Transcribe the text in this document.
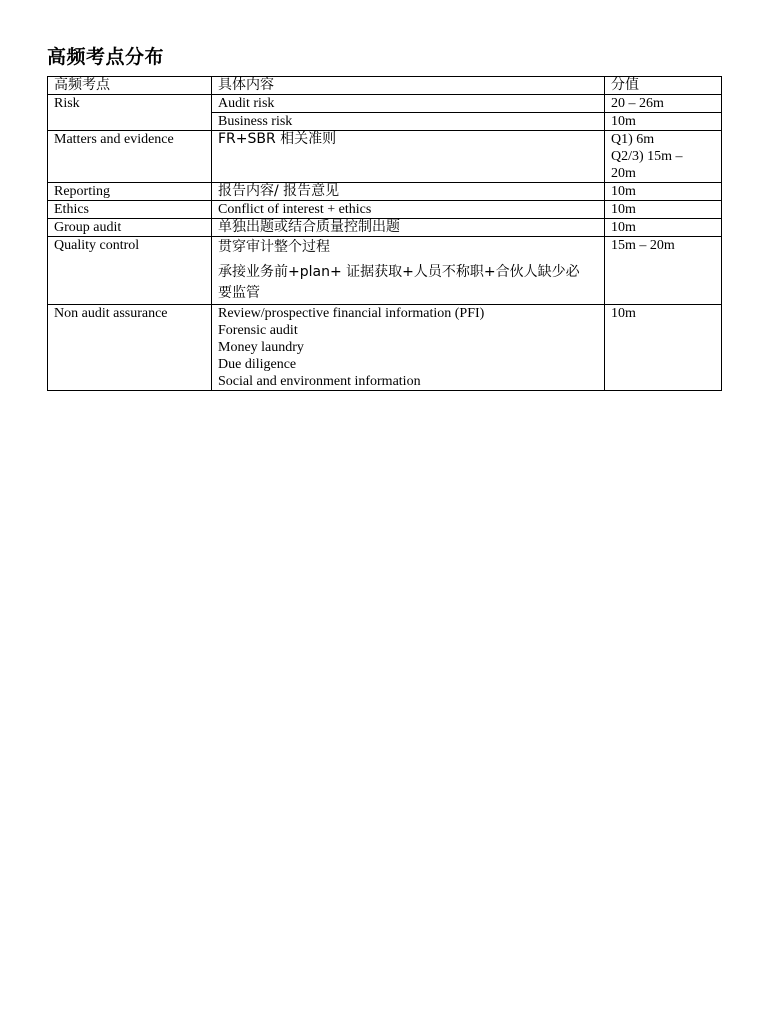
高频考点分布
高频考点	具体内容	分值
Risk	Audit risk	20 – 26m
	Business risk	10m
Matters and evidence	FR+SBR 相关准则	Q1) 6m
Q2/3) 15m –
20m

Reporting	报告内容/ 报告意见	10m
Ethics	Conflict of interest + ethics	10m
Group audit	单独出题或结合质量控制出题	10m
Quality control	贯穿审计整个过程
承接业务前+plan+ 证据获取+人员不称职+合伙人缺少必
要监管	15m – 20m
Non audit assurance	Review/prospective financial information (PFI)
Forensic audit
Money laundry
Due diligence
Social and environment information	10m
